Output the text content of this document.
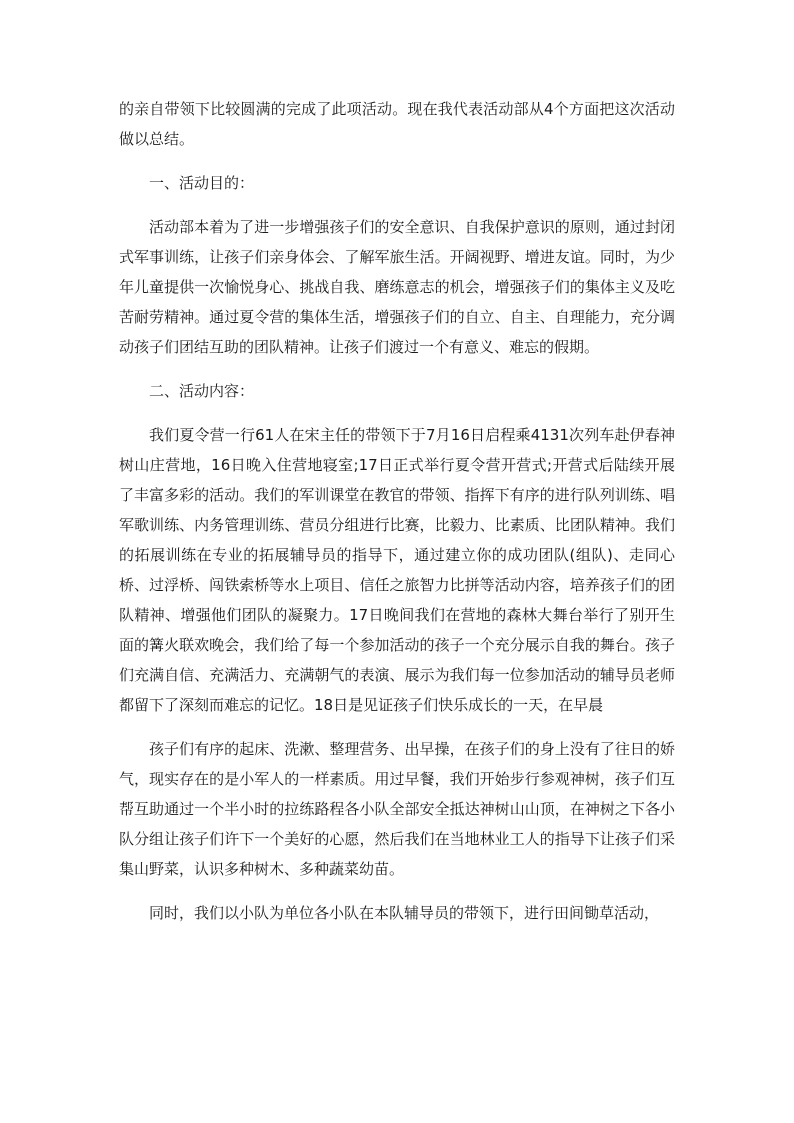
的亲自带领下比较圆满的完成了此项活动。现在我代表活动部从4个方面把这次活动做以总结。

一、活动目的：

活动部本着为了进一步增强孩子们的安全意识、自我保护意识的原则，通过封闭式军事训练，让孩子们亲身体会、了解军旅生活。开阔视野、增进友谊。同时，为少年儿童提供一次愉悦身心、挑战自我、磨练意志的机会，增强孩子们的集体主义及吃苦耐劳精神。通过夏令营的集体生活，增强孩子们的自立、自主、自理能力，充分调动孩子们团结互助的团队精神。让孩子们渡过一个有意义、难忘的假期。

二、活动内容：

我们夏令营一行61人在宋主任的带领下于7月16日启程乘4131次列车赴伊春神树山庄营地，16日晚入住营地寝室;17日正式举行夏令营开营式;开营式后陆续开展了丰富多彩的活动。我们的军训课堂在教官的带领、指挥下有序的进行队列训练、唱军歌训练、内务管理训练、营员分组进行比赛，比毅力、比素质、比团队精神。我们的拓展训练在专业的拓展辅导员的指导下，通过建立你的成功团队(组队)、走同心桥、过浮桥、闯铁索桥等水上项目、信任之旅智力比拼等活动内容，培养孩子们的团队精神、增强他们团队的凝聚力。17日晚间我们在营地的森林大舞台举行了别开生面的篝火联欢晚会，我们给了每一个参加活动的孩子一个充分展示自我的舞台。孩子们充满自信、充满活力、充满朝气的表演、展示为我们每一位参加活动的辅导员老师都留下了深刻而难忘的记忆。18日是见证孩子们快乐成长的一天，在早晨

孩子们有序的起床、洗漱、整理营务、出早操，在孩子们的身上没有了往日的娇气，现实存在的是小军人的一样素质。用过早餐，我们开始步行参观神树，孩子们互帮互助通过一个半小时的拉练路程各小队全部安全抵达神树山山顶，在神树之下各小队分组让孩子们许下一个美好的心愿，然后我们在当地林业工人的指导下让孩子们采集山野菜，认识多种树木、多种蔬菜幼苗。

同时，我们以小队为单位各小队在本队辅导员的带领下，进行田间锄草活动，
